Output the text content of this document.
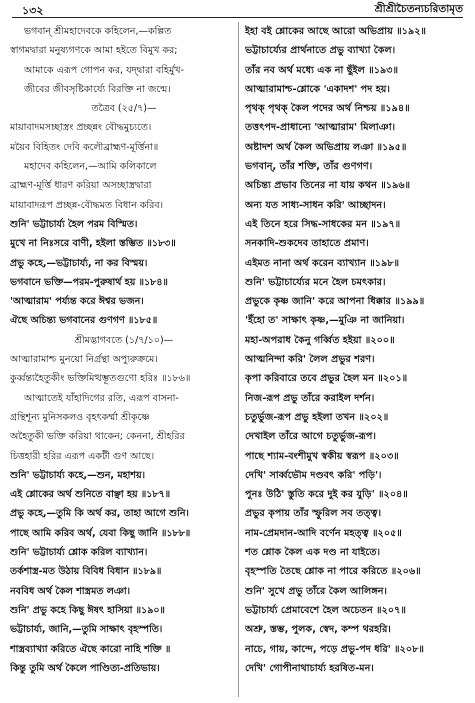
১৩২	শ্রীশ্রীচৈতন্যচরিতামৃত
ভগবান্‌ শ্রীমহাদেবকে কহিলেন,—কল্পিত
স্বাগমদ্বারা মনুষ্যগণকে আমা হইতে বিমুখ কর;
আমাকে এরূপ গোপন কর, যদ্দ্বারা বহির্মুখ-
জীবের জীবসৃষ্টিকার্য্যে বিরক্তি না জন্মে।
তত্রৈব (২৫/৭)—
মায়াবাদমসচ্ছাস্ত্রং প্রচ্ছন্নং বৌদ্ধমুচ্যতে।
ময়ৈব বিহিতং দেবি কলৌব্রাহ্মণ-মূর্ত্তিনা॥
মহাদেব কহিলেন,—আমি কলিকালে
ব্রাহ্মণ-মূর্ত্তি ধারণ করিয়া অসচ্ছাস্ত্রদ্বারা
মায়াবাদরূপ প্রচ্ছন্ন-বৌদ্ধমত বিধান করিব।
শুনি' ভট্টাচার্য্য হৈল পরম বিস্মিত।
মুখে না নিঃসরে বাণী, হইলা স্তম্ভিত ॥১৮৩॥
প্রভু কহে,—ভট্টাচার্য্য, না কর বিস্ময়।
ভগবানে ভক্তি—পরম-পুরুষার্থ হয় ॥১৮৪॥
'আত্মারাম' পর্য্যন্ত করে ঈশ্বর ভজন।
ঐছে অচিন্ত্য ভগবানের গুণগণ ॥১৮৫॥
শ্রীমদ্ভাগবতে (১/৭/১০)—
আত্মারামাশ্চ মুনয়ো নির্গ্রন্থা অপ্যুরুক্রমে।
কুর্ব্বন্ত্যহৈতুকীং ভক্তিমিত্থম্ভূতগুণো হরিঃ ॥১৮৬॥
আত্মাতেই যাঁহাদিগের রতি, এরূপ বাসনা-
গ্রন্থিশূন্য মুনিসকলও বৃহৎকর্ম্মা শ্রীকৃষ্ণে
অহৈতুকী ভক্তি করিয়া থাকেন; কেননা, শ্রীহরির
চিত্তহারী হরির এরূপ একটী গুণ আছে।
শুনি' ভট্টাচার্য্য কহে,—শুন, মহাশয়।
এই শ্লোকের অর্থ শুনিতে বাঞ্ছা হয় ॥১৮৭॥
প্রভু কহে,—তুমি কি অর্থ কর, তাহা আগে শুনি।
পাছে আমি করিব অর্থ, যেবা কিছু জানি ॥১৮৮॥
শুনি' ভট্টাচার্য্য শ্লোক করিল ব্যাখ্যান।
তর্কশাস্ত্র-মত উঠায় বিবিধ বিধান ॥১৮৯॥
নববিধ অর্থ কৈল শাস্ত্রমত লঞা।
শুনি' প্রভু কহে কিছু ঈষৎ হাসিয়া ॥১৯০॥
ভট্টাচার্য্য, জানি,—তুমি সাক্ষাৎ বৃহস্পতি।
শাস্ত্রব্যাখ্যা করিতে ঐছে কারো নাহি শক্তি ॥
কিন্তু তুমি অর্থ কৈলে পাণ্ডিত্য-প্রতিভায়।
ইহা বই শ্লোকের আছে আরো অভিপ্রায় ॥১৯২॥
ভট্টাচার্য্যের প্রার্থনাতে প্রভু ব্যাখ্যা কৈল।
তাঁর নব অর্থ মধ্যে এক না ছুঁইল ॥১৯৩॥
আত্মারামাশ্চ-শ্লোকে 'একাদশ' পদ হয়।
পৃথক্‌ পৃথক্‌ কৈল পদের অর্থ নিশ্চয় ॥১৯৪॥
তত্তৎপদ-প্রাধান্যে 'আত্মারাম' মিলাঞা।
অষ্টাদশ অর্থ কৈল অভিপ্রায় লঞা ॥১৯৫॥
ভগবান্‌, তাঁর শক্তি, তাঁর গুণগণ।
অচিন্ত্য প্রভাব তিনের না যায় কথন ॥১৯৬॥
অন্য যত সাধ্য-সাধন করি' আচ্ছাদন।
এই তিনে হরে সিদ্ধ-সাধকের মন ॥১৯৭॥
সনকাদি-শুকদেব তাহাতে প্রমাণ।
এইমত নানা অর্থ করেন ব্যাখ্যান ॥১৯৮॥
শুনি' ভট্টাচার্য্যের মনে হৈল চমৎকার।
প্রভুকে কৃষ্ণ জানি' করে আপনা ধিক্কার ॥১৯৯॥
'ইঁহো ত' সাক্ষাৎ কৃষ্ণ,—মুঞি না জানিয়া।
মহা-অপরাধ কৈনু গর্ব্বিত হইয়া ॥২০০॥
আত্মনিন্দা করি' লৈল প্রভুর শরণ।
কৃপা করিবারে তবে প্রভুর হৈল মন ॥২০১॥
নিজ-রূপ প্রভু তাঁরে করাইল দর্শন।
চতুর্ভুজ-রূপ প্রভু হইলা তখন ॥২০২॥
দেখাইল তাঁরে আগে চতুর্ভুজ-রূপ।
পাছে শ্যাম-বংশীমুখ স্বকীয় স্বরূপ ॥২০৩॥
দেখি' সার্ব্বভৌম দণ্ডবৎ করি' পড়ি'।
পুনঃ উঠি' স্তুতি করে দুই কর যুড়ি' ॥২০৪॥
প্রভুর কৃপায় তাঁর স্ফুরিল সব তত্ত্ব।
নাম-প্রেমদান-আদি বর্ণেন মহত্ত্ব ॥২০৫॥
শত শ্লোক কৈল এক দণ্ড না যাইতে।
বৃহস্পতি তৈছে শ্লোক না পারে করিতে ॥২০৬॥
শুনি' সুখে প্রভু তাঁরে কৈল আলিঙ্গন।
ভট্টাচার্য্য প্রেমাবেশে হৈল অচেতন ॥২০৭॥
অশ্রু, স্তম্ভ, পুলক, স্বেদ, কম্প থরহরি।
নাচে, গায়, কান্দে, পড়ে প্রভু-পদ ধরি' ॥২০৮॥
দেখি' গোপীনাথাচার্য্য হরষিত-মন।
